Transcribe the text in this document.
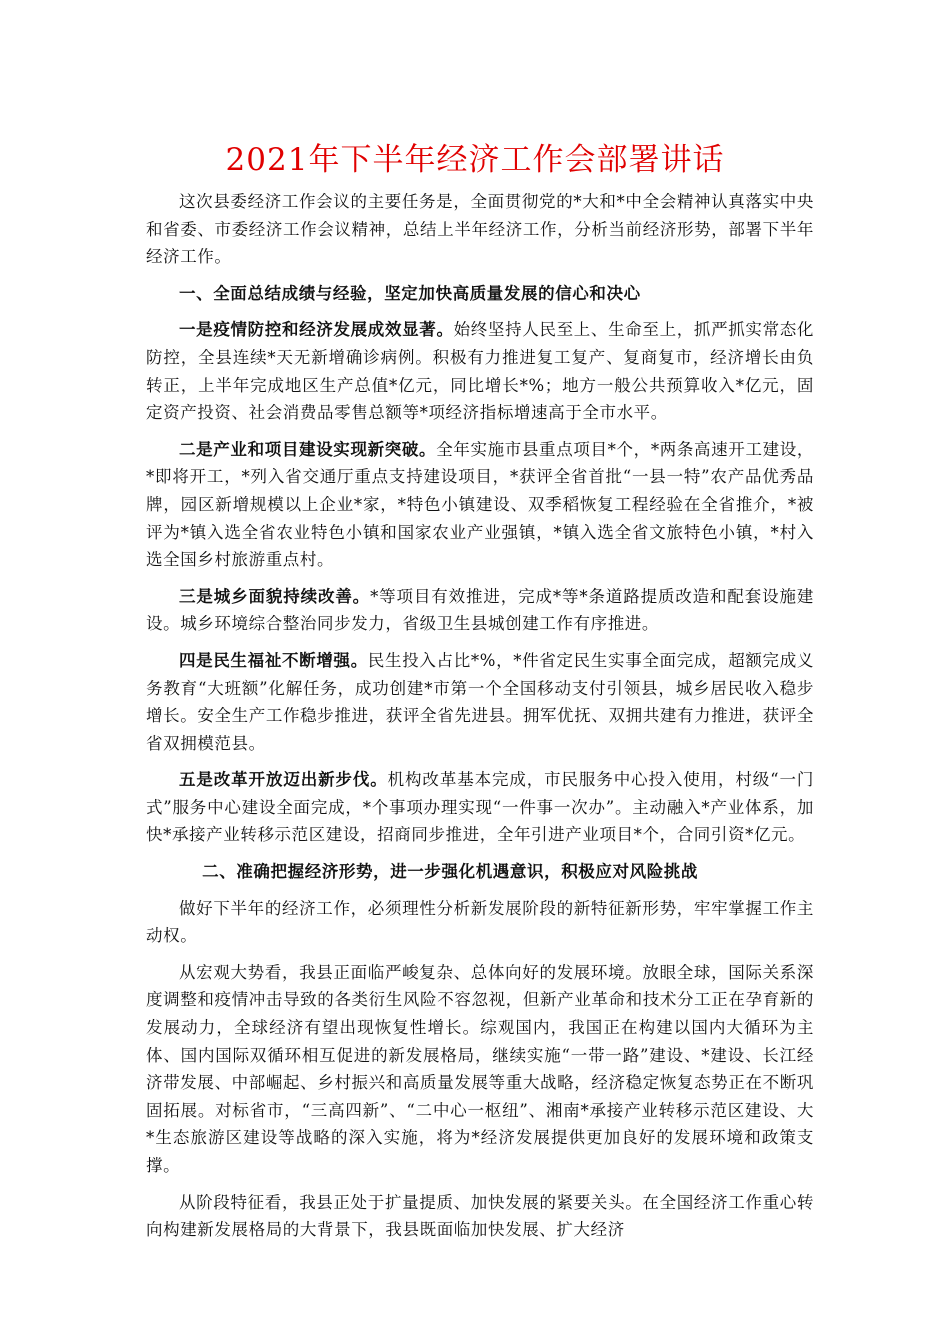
2021年下半年经济工作会部署讲话

这次县委经济工作会议的主要任务是，全面贯彻党的*大和*中全会精神认真落实中央和省委、市委经济工作会议精神，总结上半年经济工作，分析当前经济形势，部署下半年经济工作。

一、全面总结成绩与经验，坚定加快高质量发展的信心和决心

一是疫情防控和经济发展成效显著。始终坚持人民至上、生命至上，抓严抓实常态化防控，全县连续*天无新增确诊病例。积极有力推进复工复产、复商复市，经济增长由负转正，上半年完成地区生产总值*亿元，同比增长*%；地方一般公共预算收入*亿元，固定资产投资、社会消费品零售总额等*项经济指标增速高于全市水平。

二是产业和项目建设实现新突破。全年实施市县重点项目*个，*两条高速开工建设，*即将开工，*列入省交通厅重点支持建设项目，*获评全省首批“一县一特”农产品优秀品牌，园区新增规模以上企业*家，*特色小镇建设、双季稻恢复工程经验在全省推介，*被评为*镇入选全省农业特色小镇和国家农业产业强镇，*镇入选全省文旅特色小镇，*村入选全国乡村旅游重点村。

三是城乡面貌持续改善。*等项目有效推进，完成*等*条道路提质改造和配套设施建设。城乡环境综合整治同步发力，省级卫生县城创建工作有序推进。

四是民生福祉不断增强。民生投入占比*%，*件省定民生实事全面完成，超额完成义务教育“大班额”化解任务，成功创建*市第一个全国移动支付引领县，城乡居民收入稳步增长。安全生产工作稳步推进，获评全省先进县。拥军优抚、双拥共建有力推进，获评全省双拥模范县。

五是改革开放迈出新步伐。机构改革基本完成，市民服务中心投入使用，村级“一门式”服务中心建设全面完成，*个事项办理实现“一件事一次办”。主动融入*产业体系，加快*承接产业转移示范区建设，招商同步推进，全年引进产业项目*个，合同引资*亿元。

二、准确把握经济形势，进一步强化机遇意识，积极应对风险挑战

做好下半年的经济工作，必须理性分析新发展阶段的新特征新形势，牢牢掌握工作主动权。

从宏观大势看，我县正面临严峻复杂、总体向好的发展环境。放眼全球，国际关系深度调整和疫情冲击导致的各类衍生风险不容忽视，但新产业革命和技术分工正在孕育新的发展动力，全球经济有望出现恢复性增长。综观国内，我国正在构建以国内大循环为主体、国内国际双循环相互促进的新发展格局，继续实施“一带一路”建设、*建设、长江经济带发展、中部崛起、乡村振兴和高质量发展等重大战略，经济稳定恢复态势正在不断巩固拓展。对标省市，“三高四新”、“二中心一枢纽”、湘南*承接产业转移示范区建设、大*生态旅游区建设等战略的深入实施，将为*经济发展提供更加良好的发展环境和政策支撑。

从阶段特征看，我县正处于扩量提质、加快发展的紧要关头。在全国经济工作重心转向构建新发展格局的大背景下，我县既面临加快发展、扩大经济
